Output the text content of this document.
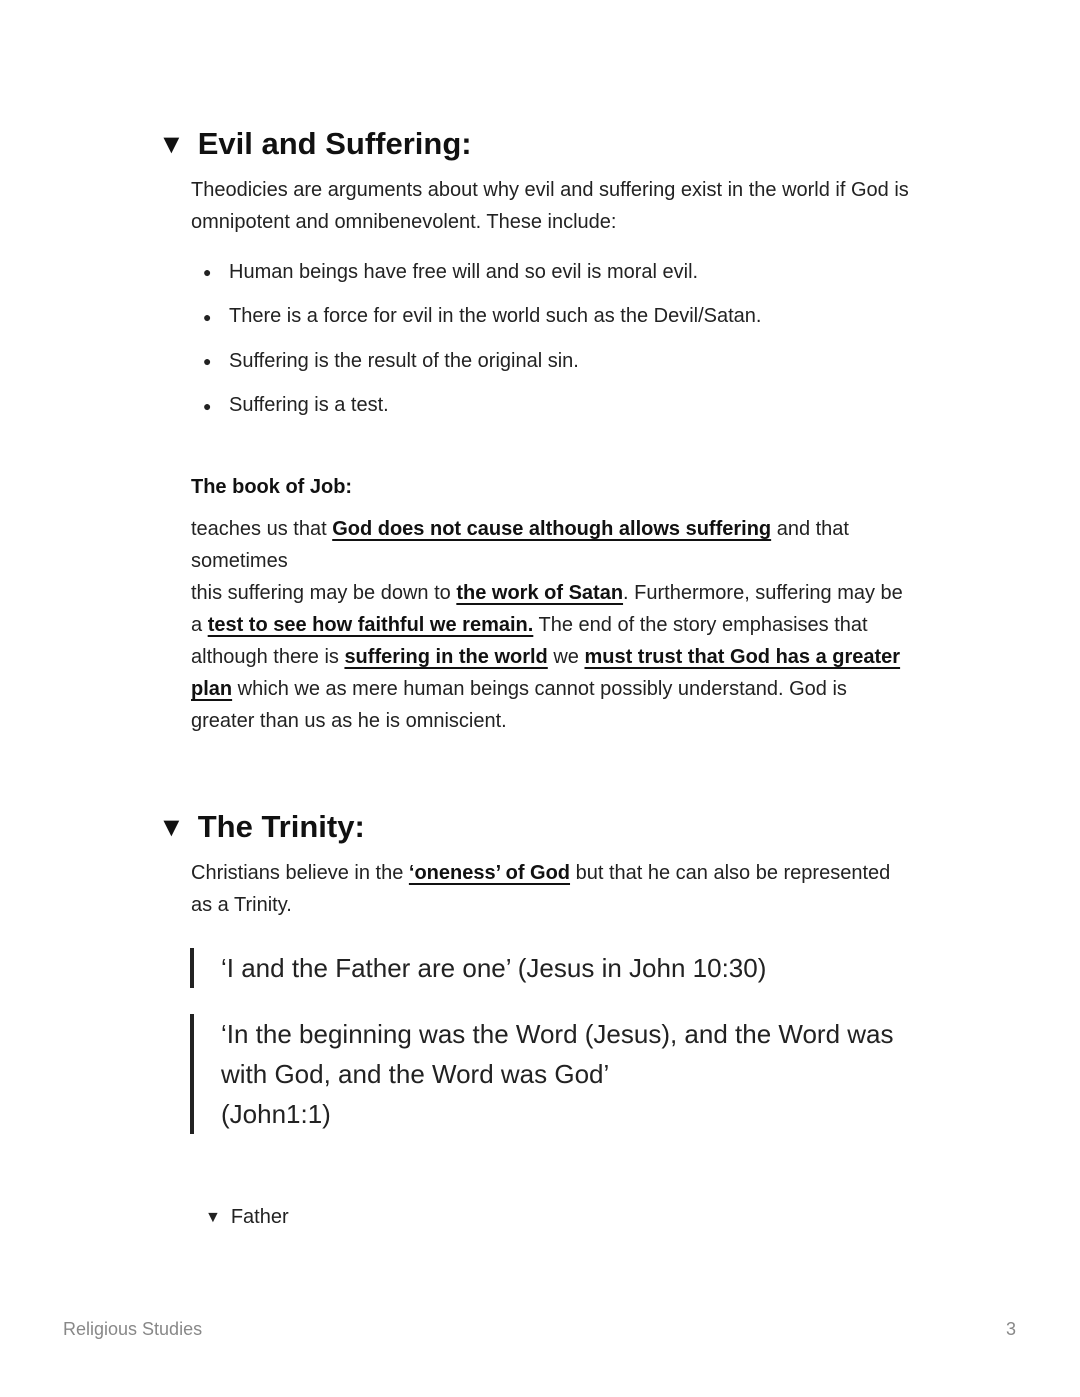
▼ Evil and Suffering:
Theodicies are arguments about why evil and suffering exist in the world if God is
omnipotent and omnibenevolent. These include:
● Human beings have free will and so evil is moral evil.
● There is a force for evil in the world such as the Devil/Satan.
● Suffering is the result of the original sin.
● Suffering is a test.
The book of Job:
teaches us that God does not cause although allows suffering and that
sometimes
this suffering may be down to the work of Satan. Furthermore, suffering may be
a test to see how faithful we remain. The end of the story emphasises that
although there is suffering in the world we must trust that God has a greater
plan which we as mere human beings cannot possibly understand. God is
greater than us as he is omniscient.
▼ The Trinity:
Christians believe in the ‘oneness’ of God but that he can also be represented
as a Trinity.
‘I and the Father are one’ (Jesus in John 10:30)
‘In the beginning was the Word (Jesus), and the Word was
with God, and the Word was God’
(John1:1)
▼ Father
Religious Studies	3
